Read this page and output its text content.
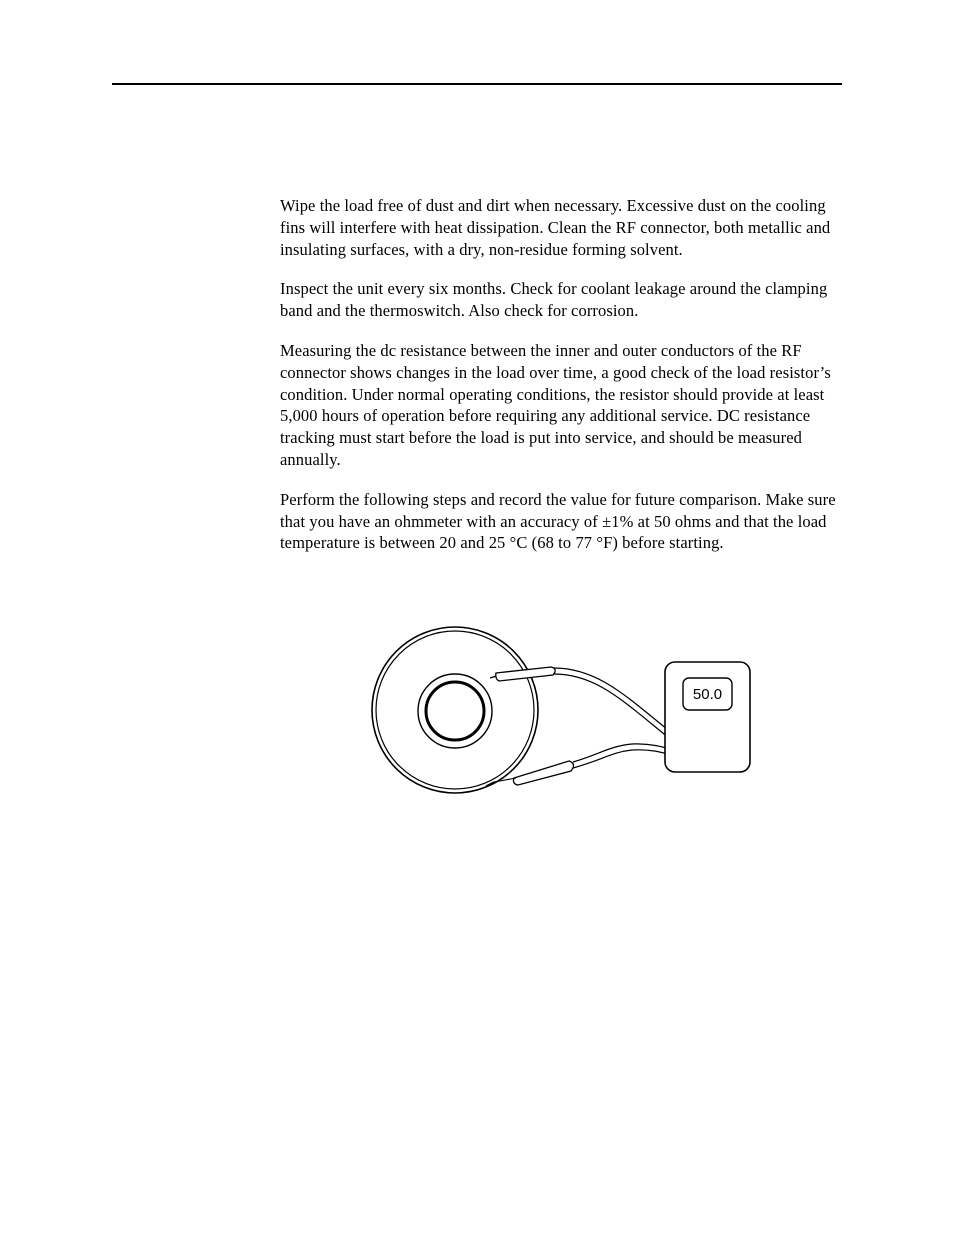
Wipe the load free of dust and dirt when necessary. Excessive dust on the cooling fins will interfere with heat dissipation. Clean the RF connector, both metallic and insulating surfaces, with a dry, non-residue forming solvent.

Inspect the unit every six months. Check for coolant leakage around the clamping band and the thermoswitch. Also check for corrosion.

Measuring the dc resistance between the inner and outer conductors of the RF connector shows changes in the load over time, a good check of the load resistor’s condition. Under normal operating conditions, the resistor should provide at least 5,000 hours of operation before requiring any additional service. DC resistance tracking must start before the load is put into service, and should be measured annually.

Perform the following steps and record the value for future comparison. Make sure that you have an ohmmeter with an accuracy of ±1% at 50 ohms and that the load temperature is between 20 and 25 °C (68 to 77 °F) before starting.

50.0
